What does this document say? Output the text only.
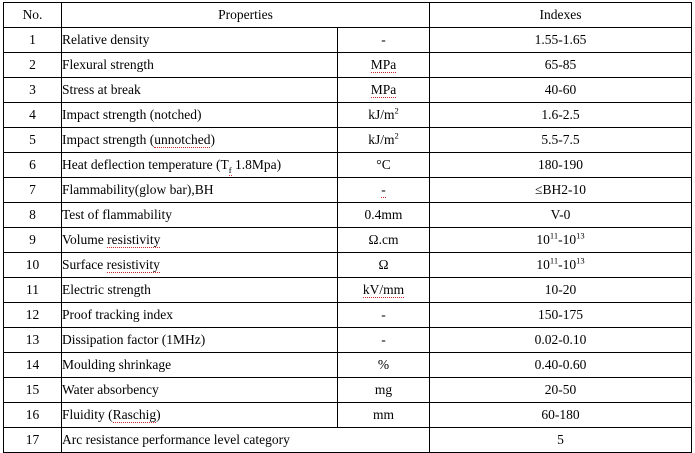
No.	Properties		Indexes
1	Relative density	-	1.55-1.65
2	Flexural strength	MPa	65-85
3	Stress at break	MPa	40-60
4	Impact strength (notched)	$kJ/m^2$	1.6-2.5
5	Impact strength (unnotched)	$kJ/m^2$	5.5-7.5
6	Heat deflection temperature ($T_f$ 1.8Mpa)	°C	180-190
7	Flammability(glow bar),BH	-	≤BH2-10
8	Test of flammability	0.4mm	V-0
9	Volume resistivity	Ω.cm	$10^{11}-10^{13}$
10	Surface resistivity	Ω	$10^{11}-10^{13}$
11	Electric strength	kV/mm	10-20
12	Proof tracking index	-	150-175
13	Dissipation factor (1MHz)	-	0.02-0.10
14	Moulding shrinkage	%	0.40-0.60
15	Water absorbency	mg	20-50
16	Fluidity (Raschig)	mm	60-180
17	Arc resistance performance level category		5
